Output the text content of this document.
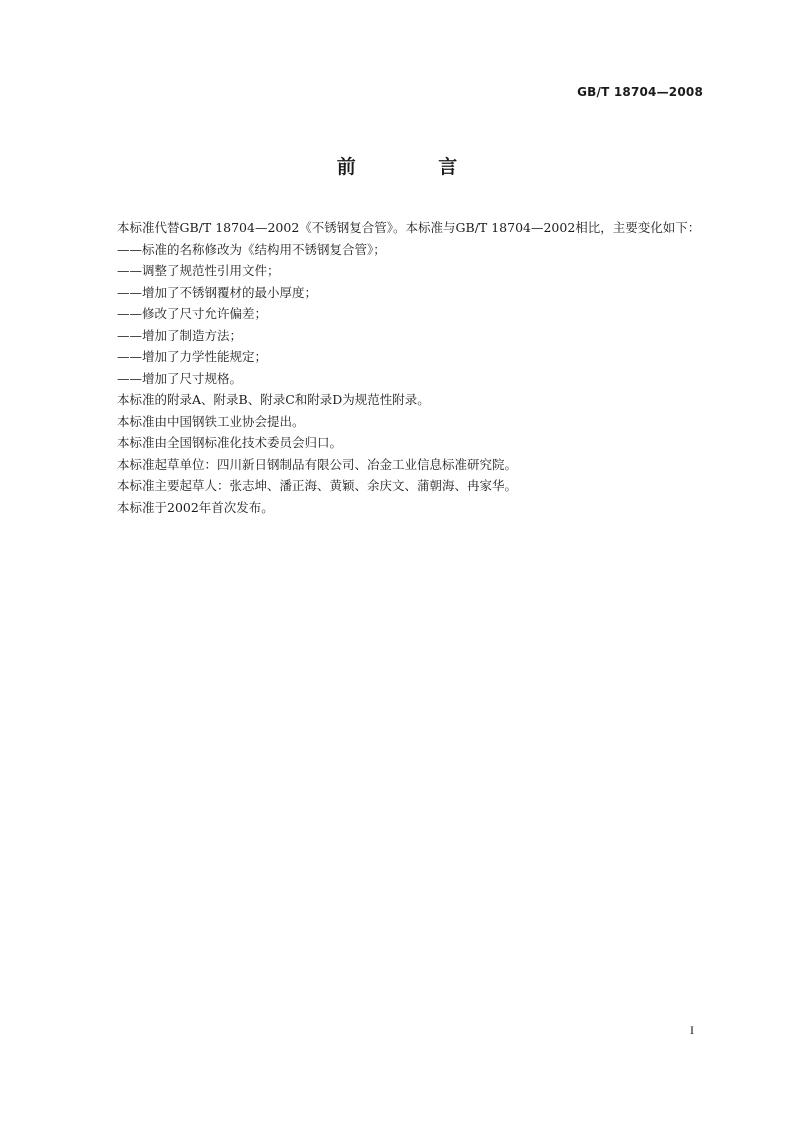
GB/T 18704—2008
前 言

本标准代替GB/T 18704—2002《不锈钢复合管》。本标准与GB/T 18704—2002相比，主要变化如下：

——标准的名称修改为《结构用不锈钢复合管》；
——调整了规范性引用文件；
——增加了不锈钢覆材的最小厚度；
——修改了尺寸允许偏差；
——增加了制造方法；
——增加了力学性能规定；
——增加了尺寸规格。

本标准的附录A、附录B、附录C和附录D为规范性附录。

本标准由中国钢铁工业协会提出。

本标准由全国钢标准化技术委员会归口。

本标准起草单位：四川新日钢制品有限公司、冶金工业信息标准研究院。

本标准主要起草人：张志坤、潘正海、黄颖、余庆文、蒲朝海、冉家华。

本标准于2002年首次发布。

I
